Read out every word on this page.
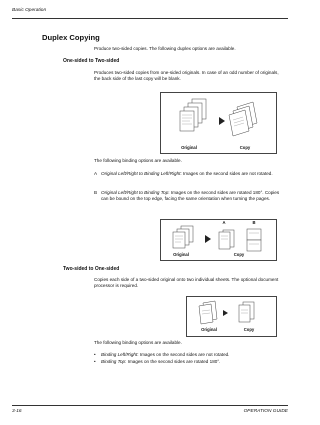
Basic Operation
Duplex Copying
Produce two-sided copies. The following duplex options are available.
One-sided to Two-sided
Produces two-sided copies from one-sided originals. In case of an odd number of originals, the back side of the last copy will be blank.
Original	Copy
The following binding options are available.
A Original Left/Right to Binding Left/Right: Images on the second sides are not rotated.
B Original Left/Right to Binding Top: Images on the second sides are rotated 180°. Copies can be bound on the top edge, facing the same orientation when turning the pages.
A	B
Original	Copy
Two-sided to One-sided
Copies each side of a two-sided original onto two individual sheets. The optional document processor is required.
Original	Copy
The following binding options are available.
• Binding Left/Right: Images on the second sides are not rotated.
• Binding Top: Images on the second sides are rotated 180°.
3-16	OPERATION GUIDE
